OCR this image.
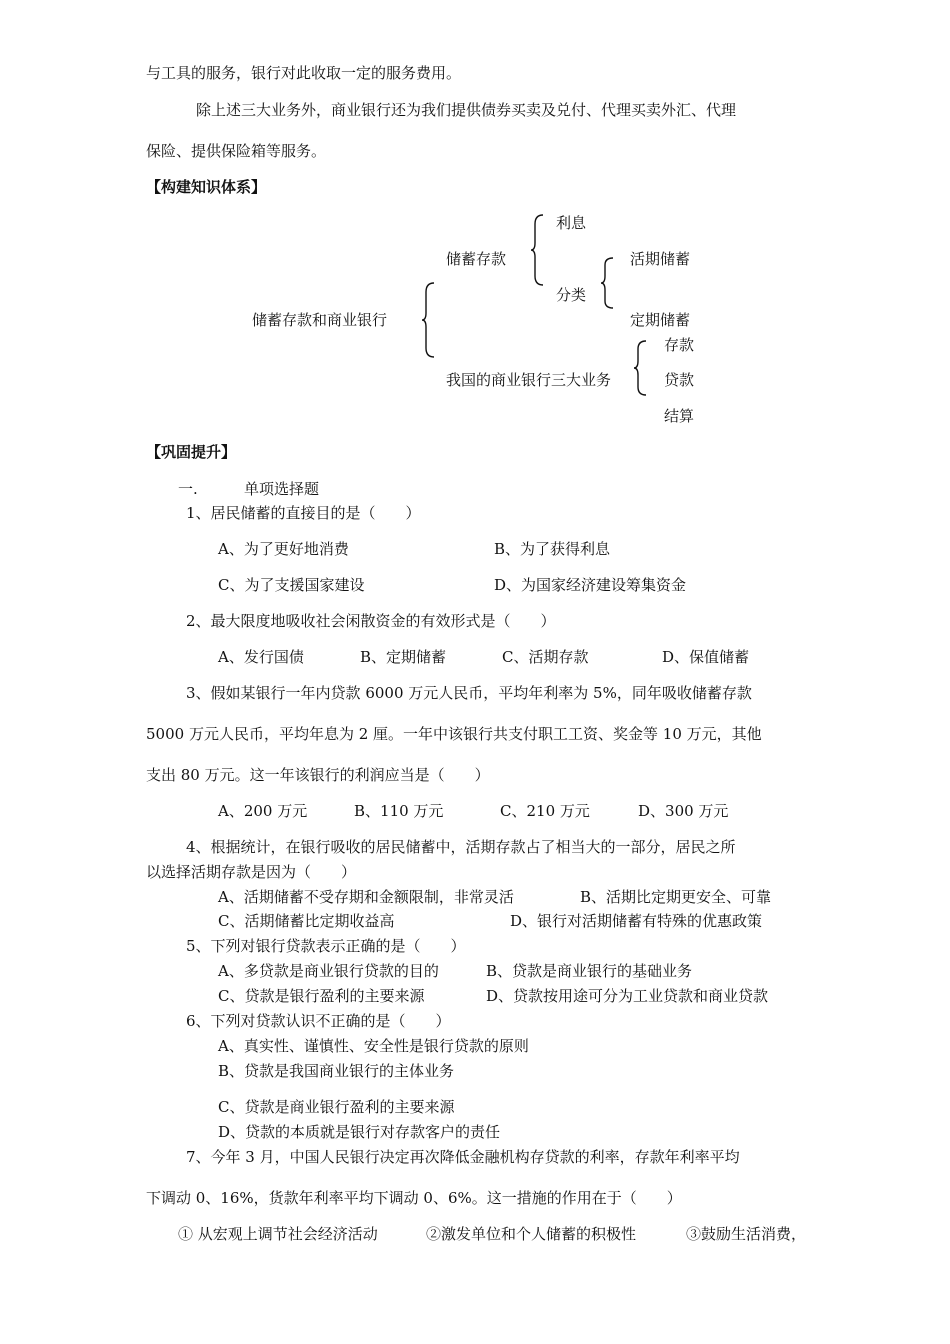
与工具的服务，银行对此收取一定的服务费用。
除上述三大业务外，商业银行还为我们提供债券买卖及兑付、代理买卖外汇、代理
保险、提供保险箱等服务。
【构建知识体系】
储蓄存款和商业银行
储蓄存款
利息
分类
活期储蓄
定期储蓄
我国的商业银行三大业务
存款
贷款
结算
【巩固提升】
一.	单项选择题
1、居民储蓄的直接目的是（　　）
A、为了更好地消费	B、为了获得利息
C、为了支援国家建设	D、为国家经济建设筹集资金
2、最大限度地吸收社会闲散资金的有效形式是（　　）
A、发行国债	B、定期储蓄	C、活期存款	D、保值储蓄
3、假如某银行一年内贷款 6000 万元人民币，平均年利率为 5%，同年吸收储蓄存款
5000 万元人民币，平均年息为 2 厘。一年中该银行共支付职工工资、奖金等 10 万元，其他
支出 80 万元。这一年该银行的利润应当是（　　）
A、200 万元	B、110 万元	C、210 万元	D、300 万元
4、根据统计，在银行吸收的居民储蓄中，活期存款占了相当大的一部分，居民之所
以选择活期存款是因为（　　）
A、活期储蓄不受存期和金额限制，非常灵活	B、活期比定期更安全、可靠
C、活期储蓄比定期收益高	D、银行对活期储蓄有特殊的优惠政策
5、下列对银行贷款表示正确的是（　　）
A、多贷款是商业银行贷款的目的	B、贷款是商业银行的基础业务
C、贷款是银行盈利的主要来源	D、贷款按用途可分为工业贷款和商业贷款
6、下列对贷款认识不正确的是（　　）
A、真实性、谨慎性、安全性是银行贷款的原则
B、贷款是我国商业银行的主体业务
C、贷款是商业银行盈利的主要来源
D、贷款的本质就是银行对存款客户的责任
7、今年 3 月，中国人民银行决定再次降低金融机构存贷款的利率，存款年利率平均
下调动 0、16%，货款年利率平均下调动 0、6%。这一措施的作用在于（　　）
① 从宏观上调节社会经济活动	②激发单位和个人储蓄的积极性	③鼓励生活消费，
